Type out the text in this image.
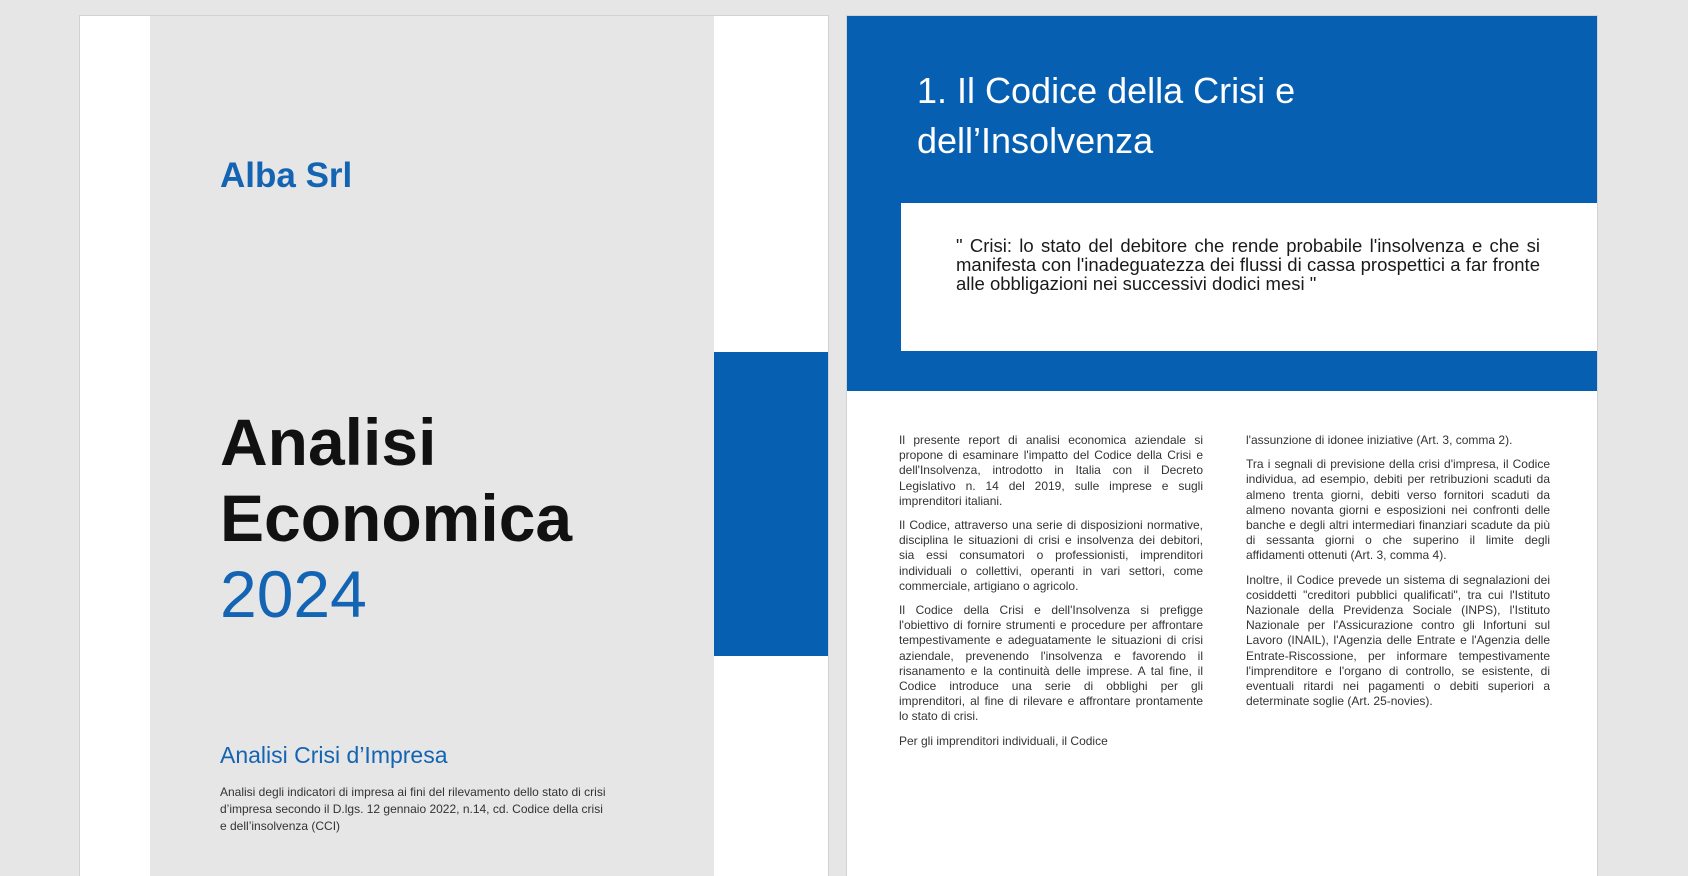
Alba Srl
Analisi
Economica
2024
Analisi Crisi d’Impresa
Analisi degli indicatori di impresa ai fini del rilevamento dello stato di crisi d’impresa secondo il D.lgs. 12 gennaio 2022, n.14, cd. Codice della crisi e dell’insolvenza (CCI)
1. Il Codice della Crisi e
dell’Insolvenza
" Crisi: lo stato del debitore che rende probabile l'insolvenza e che si manifesta con l'inadeguatezza dei flussi di cassa prospettici a far fronte alle obbligazioni nei successivi dodici mesi "

Il presente report di analisi economica aziendale si propone di esaminare l'impatto del Codice della Crisi e dell'Insolvenza, introdotto in Italia con il Decreto Legislativo n. 14 del 2019, sulle imprese e sugli imprenditori italiani.

Il Codice, attraverso una serie di disposizioni normative, disciplina le situazioni di crisi e insolvenza dei debitori, sia essi consumatori o professionisti, imprenditori individuali o collettivi, operanti in vari settori, come commerciale, artigiano o agricolo.

Il Codice della Crisi e dell'Insolvenza si prefigge l'obiettivo di fornire strumenti e procedure per affrontare tempestivamente e adeguatamente le situazioni di crisi aziendale, prevenendo l'insolvenza e favorendo il risanamento e la continuità delle imprese. A tal fine, il Codice introduce una serie di obblighi per gli imprenditori, al fine di rilevare e affrontare prontamente lo stato di crisi.

Per gli imprenditori individuali, il Codice

l'assunzione di idonee iniziative (Art. 3, comma 2).

Tra i segnali di previsione della crisi d'impresa, il Codice individua, ad esempio, debiti per retribuzioni scaduti da almeno trenta giorni, debiti verso fornitori scaduti da almeno novanta giorni e esposizioni nei confronti delle banche e degli altri intermediari finanziari scadute da più di sessanta giorni o che superino il limite degli affidamenti ottenuti (Art. 3, comma 4).

Inoltre, il Codice prevede un sistema di segnalazioni dei cosiddetti "creditori pubblici qualificati", tra cui l'Istituto Nazionale della Previdenza Sociale (INPS), l'Istituto Nazionale per l'Assicurazione contro gli Infortuni sul Lavoro (INAIL), l'Agenzia delle Entrate e l'Agenzia delle Entrate-Riscossione, per informare tempestivamente l'imprenditore e l'organo di controllo, se esistente, di eventuali ritardi nei pagamenti o debiti superiori a determinate soglie (Art. 25-novies).
